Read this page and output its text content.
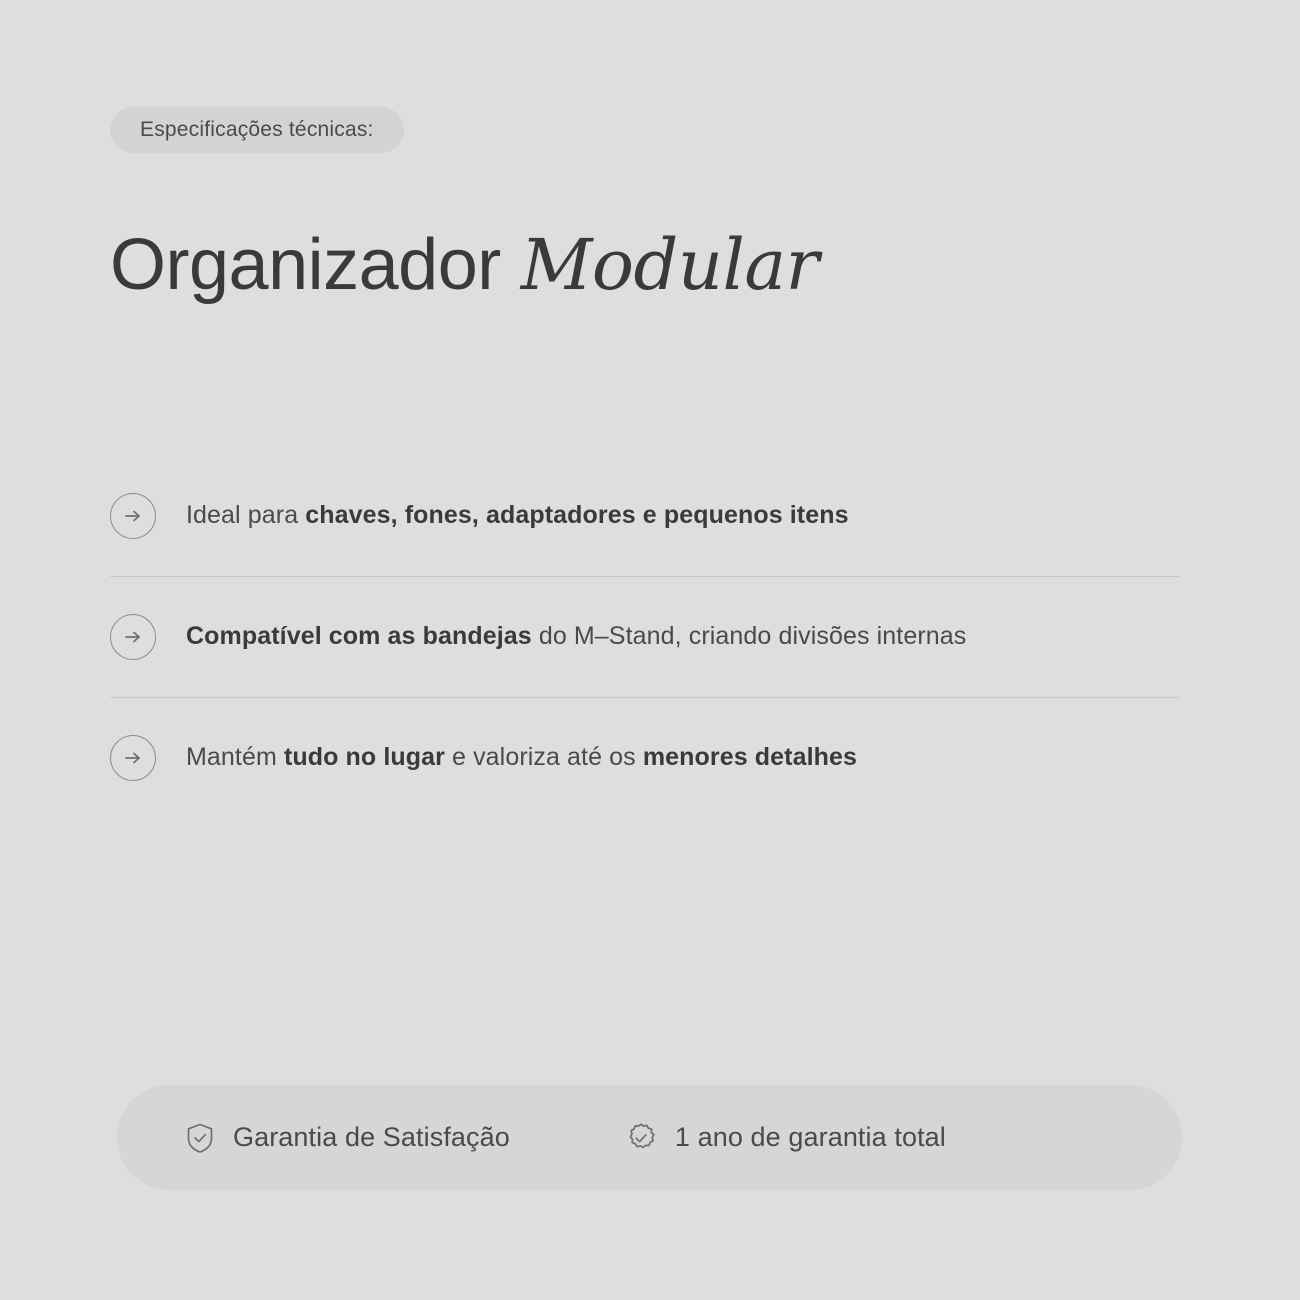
Especificações técnicas:
Organizador Modular
Ideal para chaves, fones, adaptadores e pequenos itens
Compatível com as bandejas do M–Stand, criando divisões internas
Mantém tudo no lugar e valoriza até os menores detalhes
Garantia de Satisfação	1 ano de garantia total
